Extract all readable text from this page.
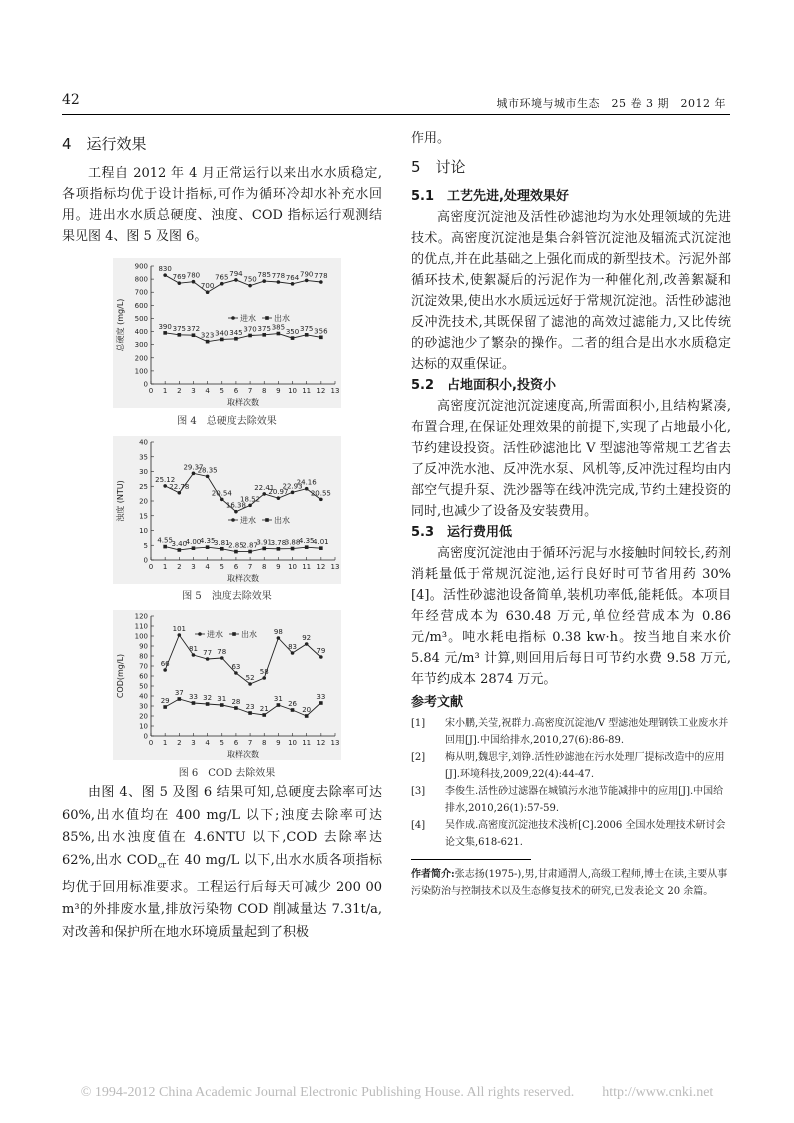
42	城市环境与城市生态　25 卷 3 期　2012 年
4　运行效果

工程自 2012 年 4 月正常运行以来出水水质稳定,各项指标均优于设计指标,可作为循环冷却水补充水回用。进出水水质总硬度、浊度、COD 指标运行观测结果见图 4、图 5 及图 6。

0
100
200
300
400
500
600
700
800
900
0 1 2 3 4 5 6 7 8 9 10 11 12 13
取样次数
总硬度 (mg/L)
830
769 780
700
765 794
750
785 778 764 790 778
390 375 372
323 340 345 370 375 385
350 375 356
进水 出水
图 4　总硬度去除效果
0
5
10
15
20
25
30
35
40
0 1 2 3 4 5 6 7 8 9 10 11 12 13
取样次数
浊度 (NTU)
25.12
22.78
29.37
28.35
20.54
16.38
18.52
22.41
20.97
22.93
24.16
20.55
4.55
3.40
4.00
4.35
3.81
2.85
2.87
3.91
3.78
3.88
4.35
4.01
进水 出水
图 5　浊度去除效果
0
10
20
30
40
50
60
70
80
90
100
110
120
0 1 2 3 4 5 6 7 8 9 10 11 12 13
取样次数
COD(mg/L)	66
101
81 77 78
63
52
58
98
83
92
79
29
37 33 32 31 28
23 21
31
26
20
33
进水 出水
图 6　COD 去除效果

由图 4、图 5 及图 6 结果可知,总硬度去除率可达 60%,出水值均在 400 mg/L 以下;浊度去除率可达 85%,出水浊度值在 4.6NTU 以下,COD 去除率达 62%,出水 $COD_{cr}$在 40 mg/L 以下,出水水质各项指标均优于回用标准要求。工程运行后每天可减少 200 00 m³的外排废水量,排放污染物 COD 削减量达 7.31t/a,对改善和保护所在地水环境质量起到了积极

作用。

5　讨论
5.1　工艺先进,处理效果好

高密度沉淀池及活性砂滤池均为水处理领域的先进技术。高密度沉淀池是集合斜管沉淀池及辐流式沉淀池的优点,并在此基础之上强化而成的新型技术。污泥外部循环技术,使絮凝后的污泥作为一种催化剂,改善絮凝和沉淀效果,使出水水质远远好于常规沉淀池。活性砂滤池反冲洗技术,其既保留了滤池的高效过滤能力,又比传统的砂滤池少了繁杂的操作。二者的组合是出水水质稳定达标的双重保证。

5.2　占地面积小,投资小

高密度沉淀池沉淀速度高,所需面积小,且结构紧凑,布置合理,在保证处理效果的前提下,实现了占地最小化,节约建设投资。活性砂滤池比 V 型滤池等常规工艺省去了反冲洗水池、反冲洗水泵、风机等,反冲洗过程均由内部空气提升泵、洗沙器等在线冲洗完成,节约土建投资的同时,也减少了设备及安装费用。

5.3　运行费用低

高密度沉淀池由于循环污泥与水接触时间较长,药剂消耗量低于常规沉淀池,运行良好时可节省用药 30%[4]。活性砂滤池设备简单,装机功率低,能耗低。本项目年经营成本为 630.48 万元,单位经营成本为 0.86 元/m³。吨水耗电指标 0.38 kw·h。按当地自来水价 5.84 元/m³ 计算,则回用后每日可节约水费 9.58 万元,年节约成本 2874 万元。

参考文献

[1] 宋小鹏,关莹,祝群力.高密度沉淀池/V 型滤池处理钢铁工业废水并回用[J].中国给排水,2010,27(6):86-89.

[2] 梅从明,魏思宇,刘铮.活性砂滤池在污水处理厂提标改造中的应用[J].环境科技,2009,22(4):44-47.

[3] 李俊生.活性砂过滤器在城镇污水池节能减排中的应用[J].中国给排水,2010,26(1):57-59.

[4] 吴作成.高密度沉淀池技术浅析[C].2006 全国水处理技术研讨会论文集,618-621.

作者简介:张志扬(1975-),男,甘肃通渭人,高级工程师,博士在读,主要从事污染防治与控制技术以及生态修复技术的研究,已发表论文 20 余篇。
© 1994-2012 China Academic Journal Electronic Publishing House. All rights reserved.　　http://www.cnki.net
